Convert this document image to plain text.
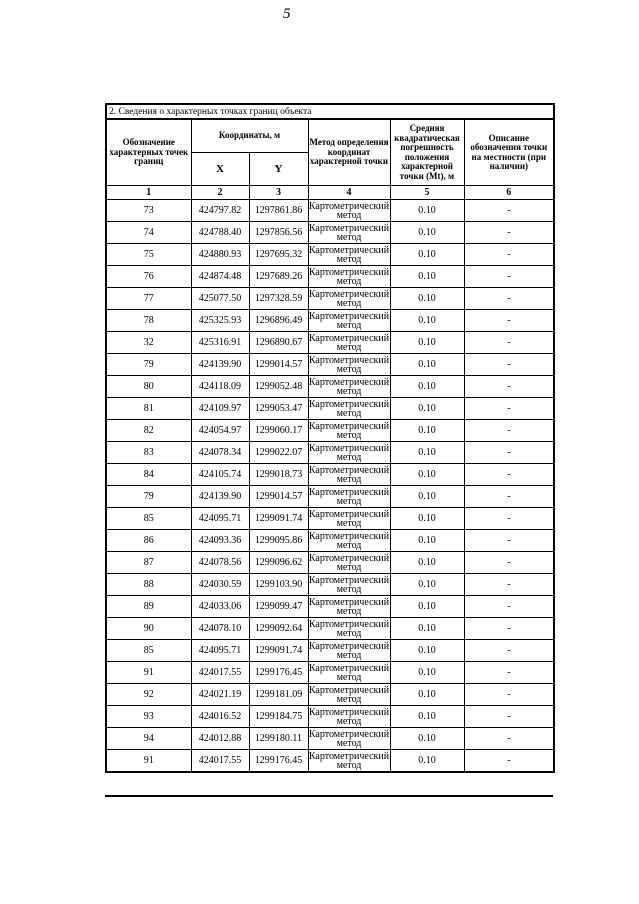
5
2. Сведения о характерных точках границ объекта					
Обозначение характерных точек границ	Координаты, м		Метод определения координат характерной точки	Средняя квадратическая погрешность положения характерной точки (Мt), м	Описание обозначения точки на местности (при наличии)
	X	Y			
1	2	3	4	5	6
73	424797.82	1297861.86	Картометрический метод	0.10	-
74	424788.40	1297856.56	Картометрический метод	0.10	-
75	424880.93	1297695.32	Картометрический метод	0.10	-
76	424874.48	1297689.26	Картометрический метод	0.10	-
77	425077.50	1297328.59	Картометрический метод	0.10	-
78	425325.93	1296896.49	Картометрический метод	0.10	-
32	425316.91	1296890.67	Картометрический метод	0.10	-
79	424139.90	1299014.57	Картометрический метод	0.10	-
80	424118.09	1299052.48	Картометрический метод	0.10	-
81	424109.97	1299053.47	Картометрический метод	0.10	-
82	424054.97	1299060.17	Картометрический метод	0.10	-
83	424078.34	1299022.07	Картометрический метод	0.10	-
84	424105.74	1299018.73	Картометрический метод	0.10	-
79	424139.90	1299014.57	Картометрический метод	0.10	-
85	424095.71	1299091.74	Картометрический метод	0.10	-
86	424093.36	1299095.86	Картометрический метод	0.10	-
87	424078.56	1299096.62	Картометрический метод	0.10	-
88	424030.59	1299103.90	Картометрический метод	0.10	-
89	424033.06	1299099.47	Картометрический метод	0.10	-
90	424078.10	1299092.64	Картометрический метод	0.10	-
85	424095.71	1299091.74	Картометрический метод	0.10	-
91	424017.55	1299176.45	Картометрический метод	0.10	-
92	424021.19	1299181.09	Картометрический метод	0.10	-
93	424016.52	1299184.75	Картометрический метод	0.10	-
94	424012.88	1299180.11	Картометрический метод	0.10	-
91	424017.55	1299176.45	Картометрический метод	0.10	-
